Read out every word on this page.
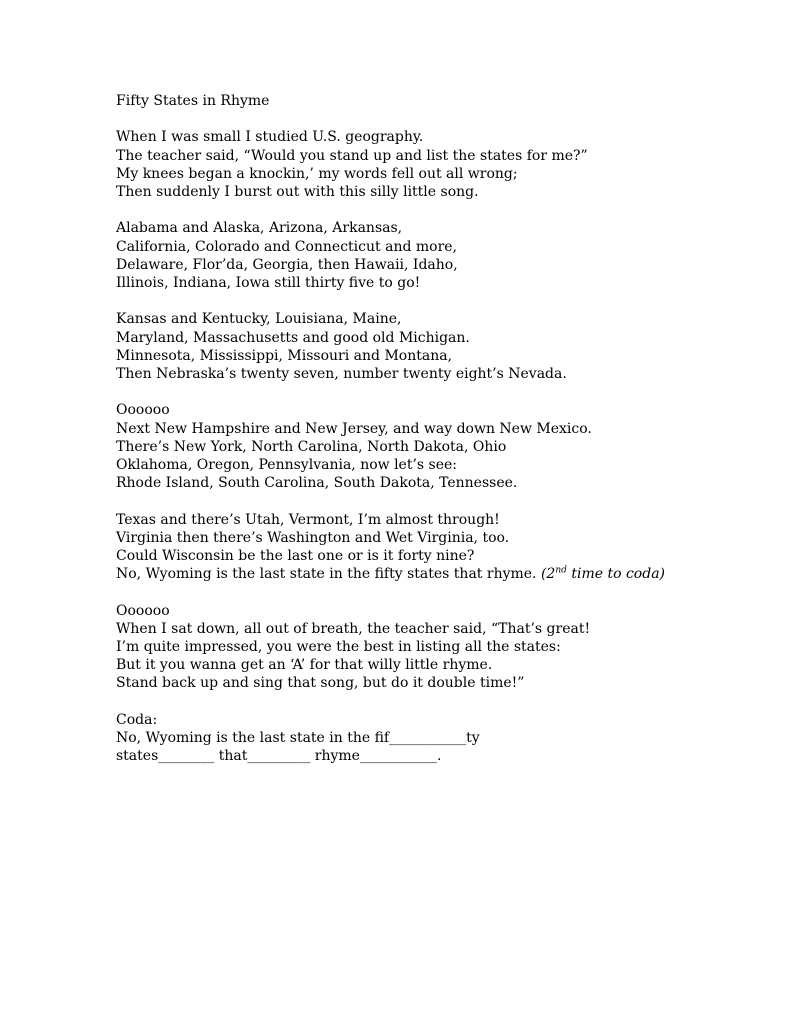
Fifty States in Rhyme
When I was small I studied U.S. geography.
The teacher said, “Would you stand up and list the states for me?”
My knees began a knockin,’ my words fell out all wrong;
Then suddenly I burst out with this silly little song.
Alabama and Alaska, Arizona, Arkansas,
California, Colorado and Connecticut and more,
Delaware, Flor’da, Georgia, then Hawaii, Idaho,
Illinois, Indiana, Iowa still thirty five to go!
Kansas and Kentucky, Louisiana, Maine,
Maryland, Massachusetts and good old Michigan.
Minnesota, Mississippi, Missouri and Montana,
Then Nebraska’s twenty seven, number twenty eight’s Nevada.
Oooooo
Next New Hampshire and New Jersey, and way down New Mexico.
There’s New York, North Carolina, North Dakota, Ohio
Oklahoma, Oregon, Pennsylvania, now let’s see:
Rhode Island, South Carolina, South Dakota, Tennessee.
Texas and there’s Utah, Vermont, I’m almost through!
Virginia then there’s Washington and Wet Virginia, too.
Could Wisconsin be the last one or is it forty nine?
No, Wyoming is the last state in the fifty states that rhyme. (2nd time to coda)
Oooooo
When I sat down, all out of breath, the teacher said, “That’s great!
I’m quite impressed, you were the best in listing all the states:
But it you wanna get an ‘A’ for that willy little rhyme.
Stand back up and sing that song, but do it double time!”
Coda:
No, Wyoming is the last state in the fif___________ty
states________ that_________ rhyme___________.
